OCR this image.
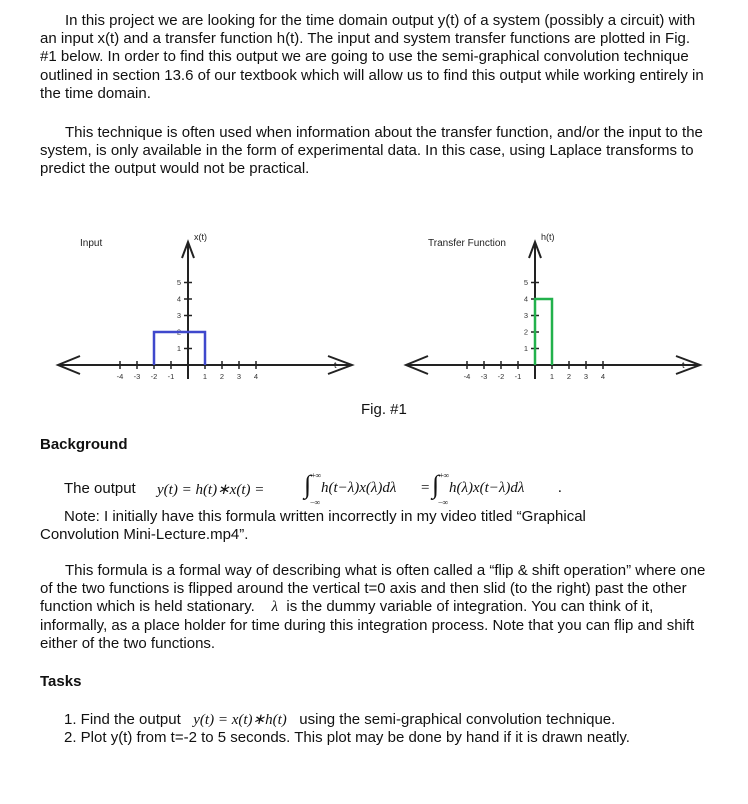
In this project we are looking for the time domain output y(t) of a system (possibly a circuit) with an input x(t) and a transfer function h(t). The input and system transfer functions are plotted in Fig. #1 below. In order to find this output we are going to use the semi-graphical convolution technique outlined in section 13.6 of our textbook which will allow us to find this output while working entirely in the time domain.

This technique is often used when information about the transfer function, and/or the input to the system, is only available in the form of experimental data. In this case, using Laplace transforms to predict the output would not be practical.

-4 -3 -2 -1	1 2 3 4
1
2
3
4
5
Input
x(t)
t
-4 -3 -2 -1	1 2 3 4
1
2
3
4
5
Transfer Function
h(t)
t

Fig. #1

Background

The output y(t) = h(t)∗x(t) =
+∞
∫
−∞
h(t−λ)x(λ)dλ =
+∞
∫
−∞
h(λ)x(t−λ)dλ .

Note: I initially have this formula written incorrectly in my video titled “Graphical

Convolution Mini-Lecture.mp4”.

This formula is a formal way of describing what is often called a “flip & shift operation” where one of the two functions is flipped around the vertical t=0 axis and then slid (to the right) past the other function which is held stationary. λ is the dummy variable of integration. You can think of it, informally, as a place holder for time during this integration process. Note that you can flip and shift either of the two functions.

Tasks

1. Find the output y(t) = x(t)∗h(t) using the semi-graphical convolution technique.

2. Plot y(t) from t=-2 to 5 seconds. This plot may be done by hand if it is drawn neatly.
